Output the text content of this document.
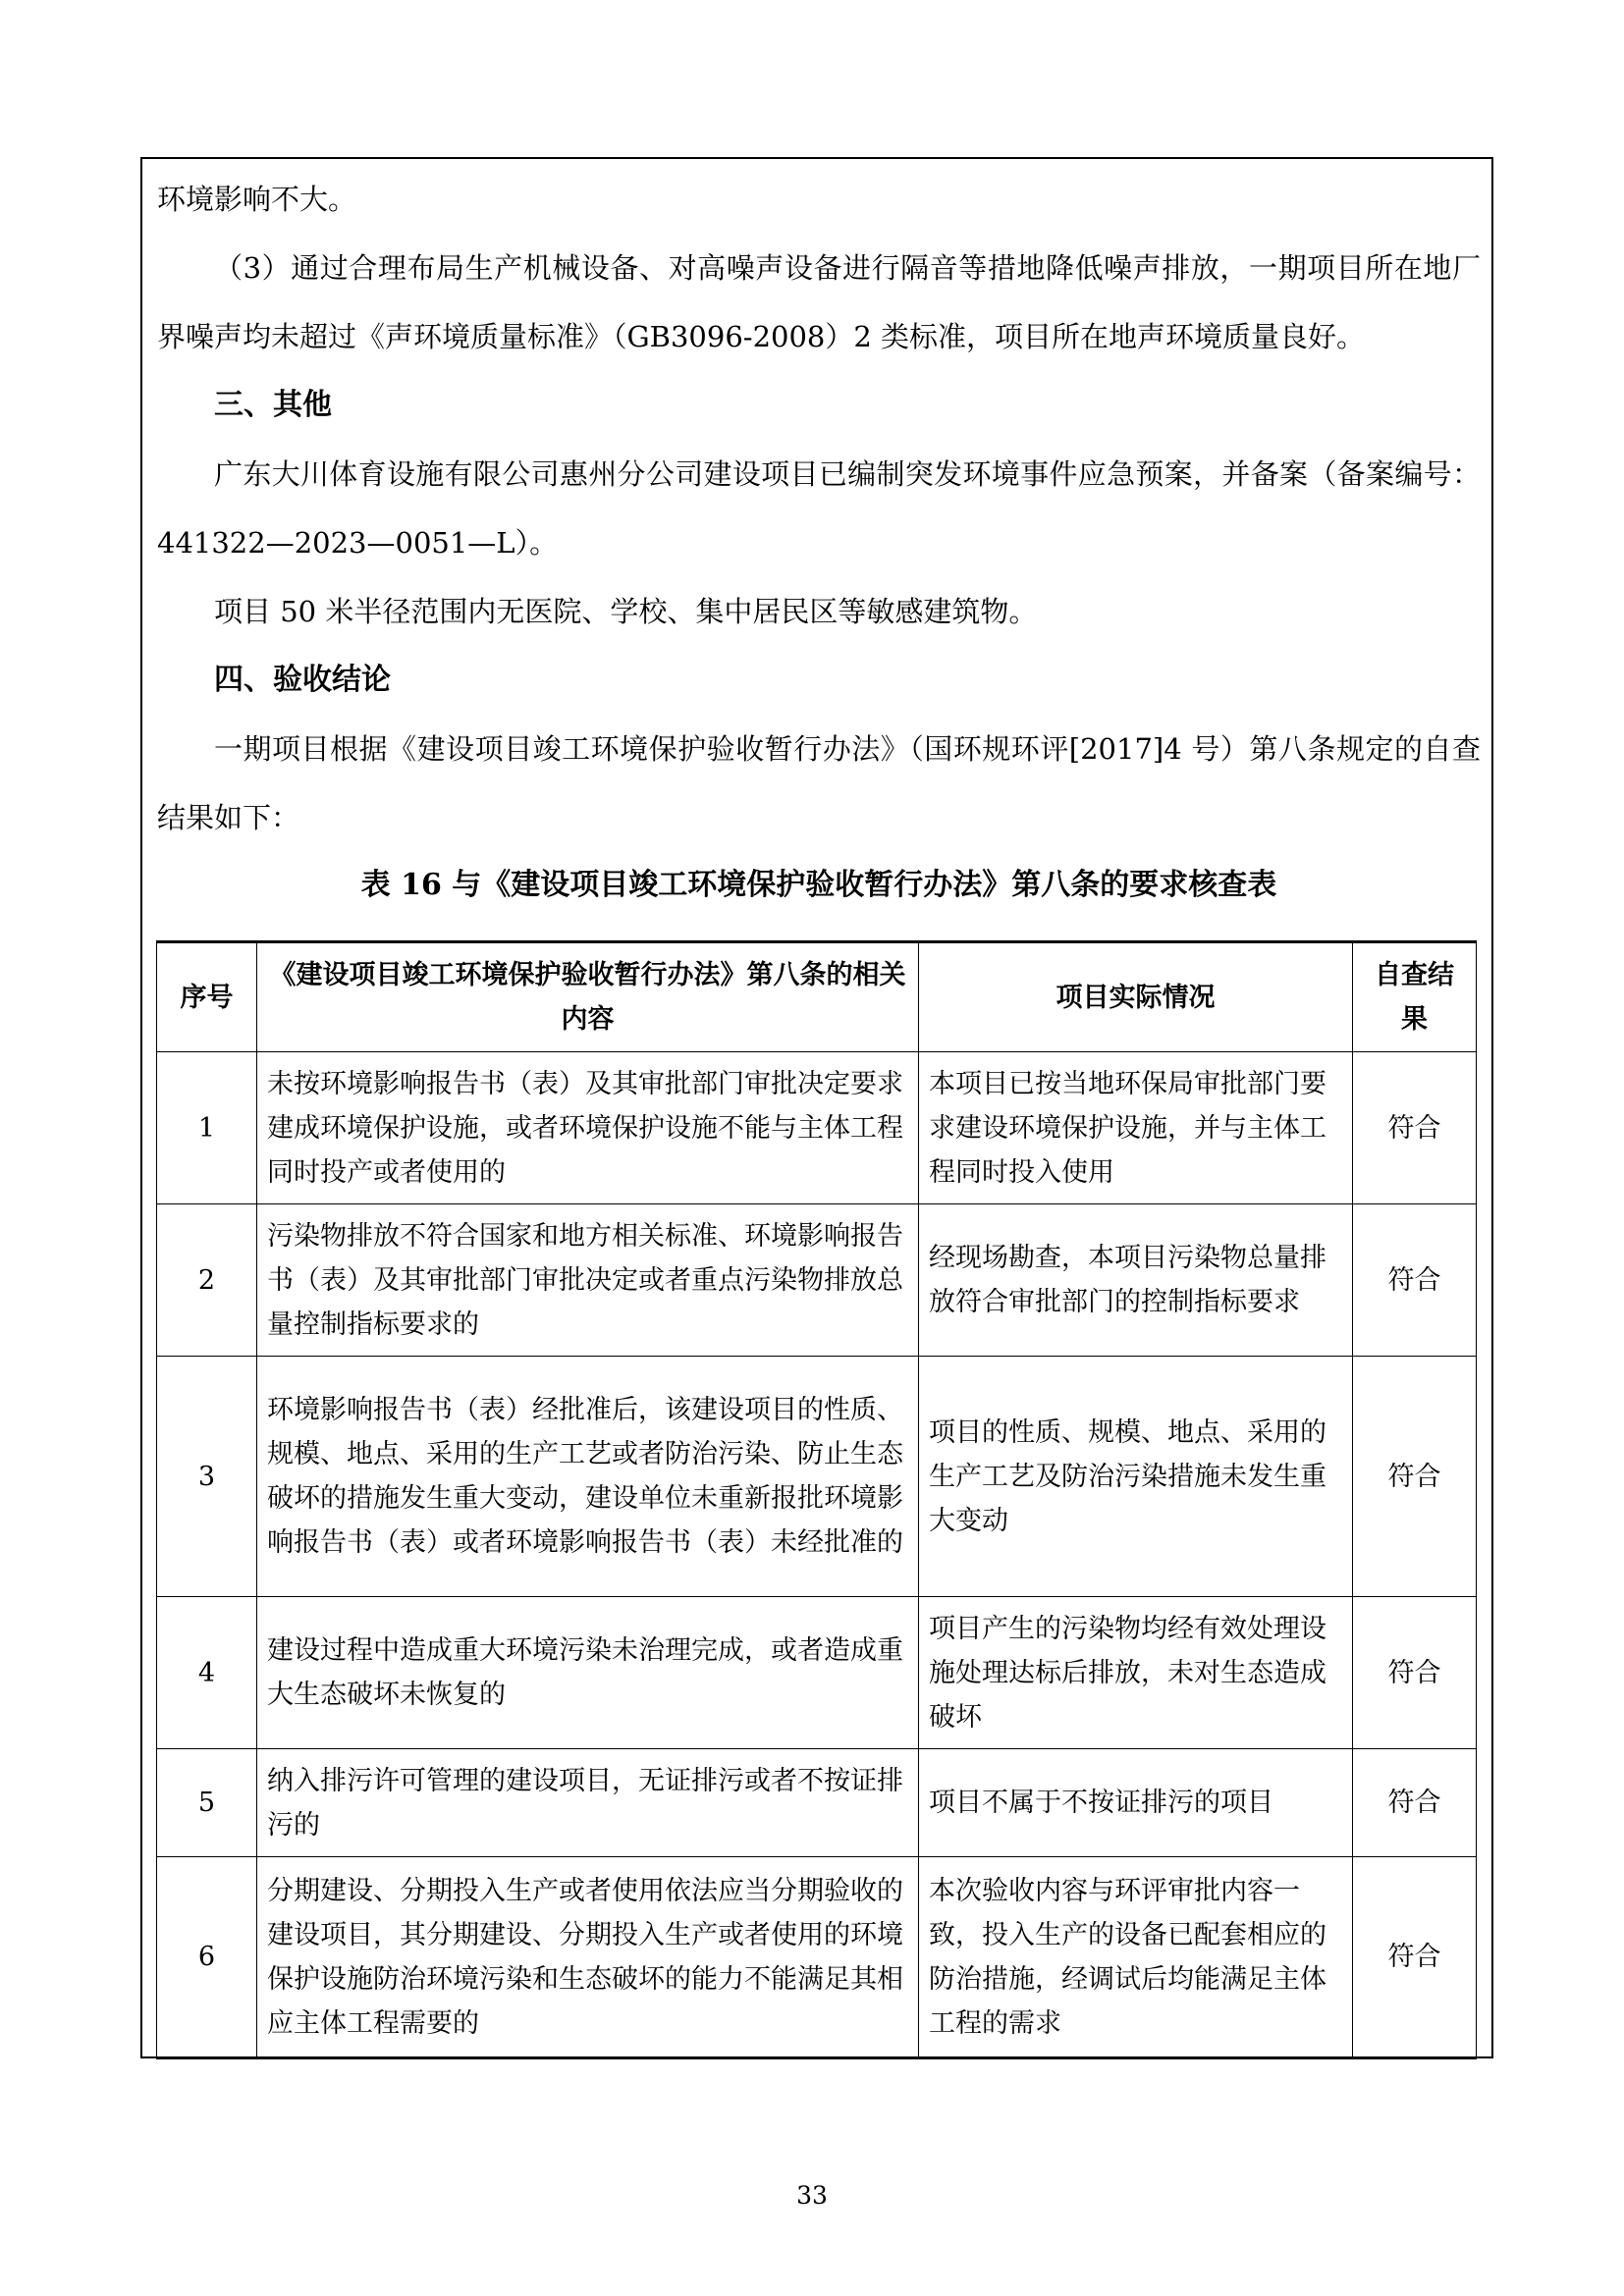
环境影响不大。

（3）通过合理布局生产机械设备、对高噪声设备进行隔音等措地降低噪声排放，一期项目所在地厂界噪声均未超过《声环境质量标准》（GB3096-2008）2 类标准，项目所在地声环境质量良好。

三、其他

广东大川体育设施有限公司惠州分公司建设项目已编制突发环境事件应急预案，并备案（备案编号：441322—2023—0051—L）。

项目 50 米半径范围内无医院、学校、集中居民区等敏感建筑物。

四、验收结论

一期项目根据《建设项目竣工环境保护验收暂行办法》（国环规环评[2017]4 号）第八条规定的自查结果如下：

表 16 与《建设项目竣工环境保护验收暂行办法》第八条的要求核查表

序号	《建设项目竣工环境保护验收暂行办法》第八条的相关内容	项目实际情况	自查结果
1	未按环境影响报告书（表）及其审批部门审批决定要求建成环境保护设施，或者环境保护设施不能与主体工程同时投产或者使用的	本项目已按当地环保局审批部门要求建设环境保护设施，并与主体工程同时投入使用	符合
2	污染物排放不符合国家和地方相关标准、环境影响报告书（表）及其审批部门审批决定或者重点污染物排放总量控制指标要求的	经现场勘查，本项目污染物总量排放符合审批部门的控制指标要求	符合
3	环境影响报告书（表）经批准后，该建设项目的性质、规模、地点、采用的生产工艺或者防治污染、防止生态破坏的措施发生重大变动，建设单位未重新报批环境影响报告书（表）或者环境影响报告书（表）未经批准的	项目的性质、规模、地点、采用的生产工艺及防治污染措施未发生重大变动	符合
4	建设过程中造成重大环境污染未治理完成，或者造成重大生态破坏未恢复的	项目产生的污染物均经有效处理设施处理达标后排放，未对生态造成破坏	符合
5	纳入排污许可管理的建设项目，无证排污或者不按证排污的	项目不属于不按证排污的项目	符合
6	分期建设、分期投入生产或者使用依法应当分期验收的建设项目，其分期建设、分期投入生产或者使用的环境保护设施防治环境污染和生态破坏的能力不能满足其相应主体工程需要的	本次验收内容与环评审批内容一致，投入生产的设备已配套相应的防治措施，经调试后均能满足主体工程的需求	符合
33
